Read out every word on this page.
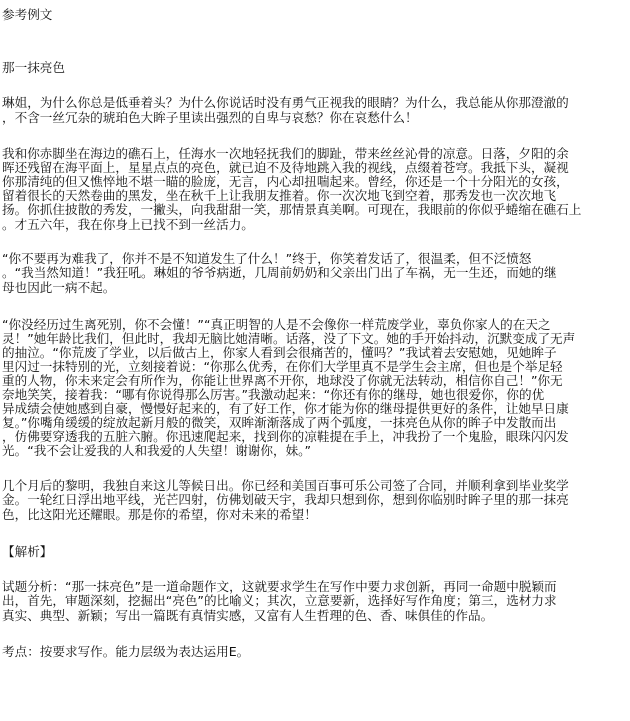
参考例文
那一抹亮色
琳姐，为什么你总是低垂着头？为什么你说话时没有勇气正视我的眼睛？为什么，我总能从你那澄澈的
，不含一丝冗杂的琥珀色大眸子里读出强烈的自卑与哀愁？你在哀愁什么！
我和你赤脚坐在海边的礁石上，任海水一次地轻抚我们的脚趾，带来丝丝沁骨的凉意。日落，夕阳的余
晖还残留在海平面上，星星点点的亮色，就已迫不及待地跳入我的视线，点缀着苍穹。我抵下头，凝视
你那清纯的但又憔悴地不堪一瞄的脸庞，无言，内心却扭喘起来。曾经，你还是一个十分阳光的女孩，
留着很长的天然卷曲的黑发，坐在秋千上让我朋友推着。你一次次地飞到空着，那秀发也一次次地飞
扬。你抓住披散的秀发，一撇头，向我甜甜一笑，那情景真美啊。可现在，我眼前的你似乎蜷缩在礁石上
。才五六年，我在你身上已找不到一丝活力。
“你不要再为难我了，你并不是不知道发生了什么！”终于，你笑着发话了，很温柔，但不泛愤怒
。“我当然知道！”我狂吼。琳姐的爷爷病逝，几周前奶奶和父亲出门出了车祸，无一生还，而她的继
母也因此一病不起。
“你没经历过生离死别，你不会懂！”“真正明智的人是不会像你一样荒废学业，辜负你家人的在天之
灵！”她年龄比我们，但此时，我却无脑比她清晰。话落，没了下文。她的手开始抖动，沉默变成了无声
的抽泣。“你荒废了学业，以后做古上，你家人看到会很痛苦的，懂吗？”我试着去安慰她，见她眸子
里闪过一抹特别的光，立刻接着说：“你那么优秀，在你们大学里真不是学生会主席，但也是个举足轻
重的人物，你未来定会有所作为，你能让世界离不开你，地球没了你就无法转动，相信你自己！”你无
奈地笑笑，接着我：“哪有你说得那么厉害。”我激动起来：“你还有你的继母，她也很爱你，你的优
异成绩会使她感到自豪，慢慢好起来的，有了好工作，你才能为你的继母提供更好的条件，让她早日康
复。”你嘴角缓缓的绽放起新月般的微笑，双眸渐渐落成了两个弧度，一抹亮色从你的眸子中发散而出
，仿佛要穿透我的五脏六腑。你迅速爬起来，找到你的凉鞋提在手上，冲我扮了一个鬼脸，眼珠闪闪发
光。“我不会让爱我的人和我爱的人失望！谢谢你，妹。”
几个月后的黎明，我独自来这儿等候日出。你已经和美国百事可乐公司签了合同，并顺利拿到毕业奖学
金。一轮红日浮出地平线，光芒四射，仿佛划破天宇，我却只想到你，想到你临别时眸子里的那一抹亮
色，比这阳光还耀眼。那是你的希望，你对未来的希望！
【解析】
试题分析：“那一抹亮色”是一道命题作文，这就要求学生在写作中要力求创新，再同一命题中脱颖而
出，首先，审题深刻，挖掘出“亮色”的比喻义；其次，立意要新，选择好写作角度；第三，选材力求
真实、典型、新颖；写出一篇既有真情实感，又富有人生哲理的色、香、味俱佳的作品。
考点：按要求写作。能力层级为表达运用E。
